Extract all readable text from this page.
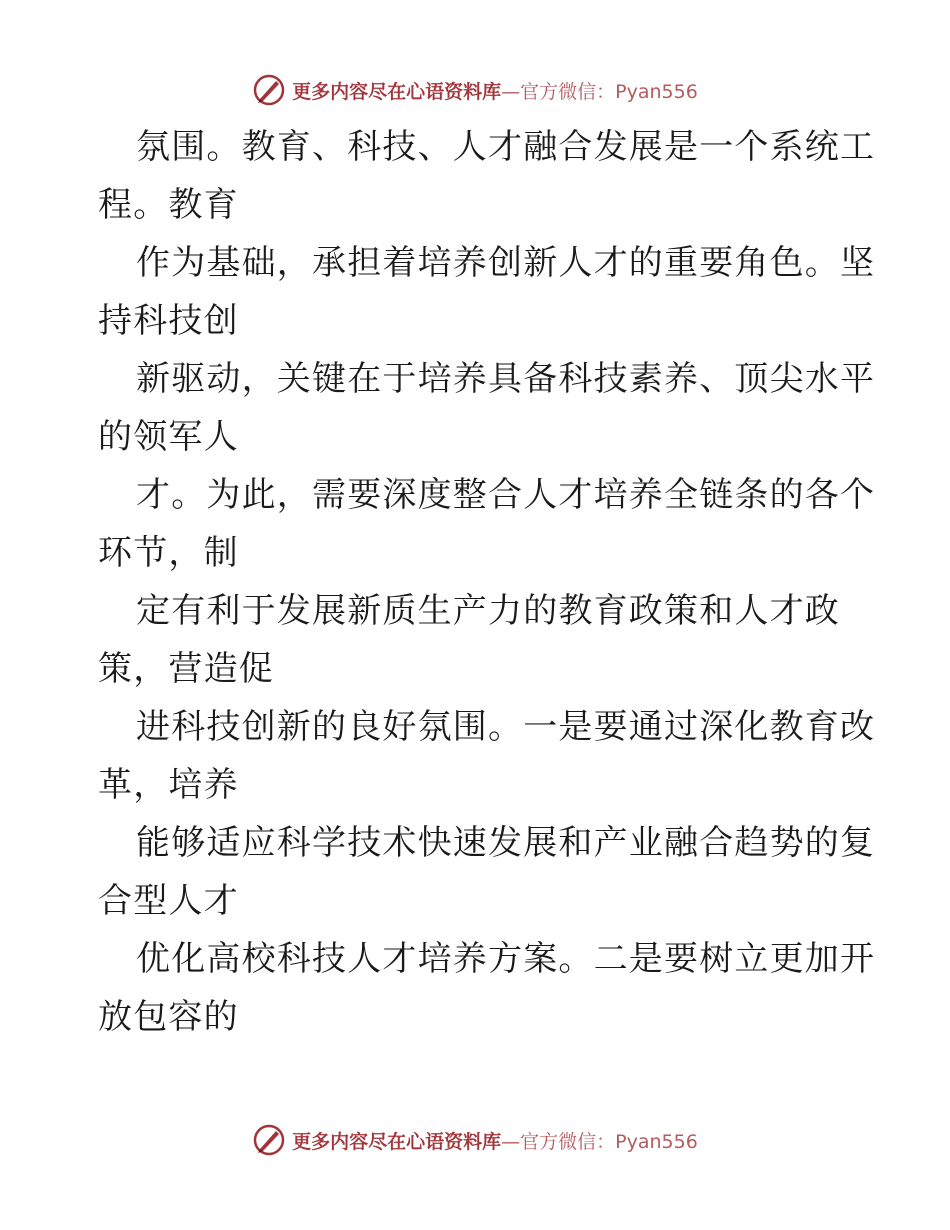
更多内容尽在心语资料库 —官方微信：Pyan556

氛围。教育、科技、人才融合发展是一个系统工
程。教育

作为基础，承担着培养创新人才的重要角色。坚
持科技创

新驱动，关键在于培养具备科技素养、顶尖水平
的领军人

才。为此，需要深度整合人才培养全链条的各个
环节，制

定有利于发展新质生产力的教育政策和人才政
策，营造促

进科技创新的良好氛围。一是要通过深化教育改
革，培养

能够适应科学技术快速发展和产业融合趋势的复
合型人才

优化高校科技人才培养方案。二是要树立更加开
放包容的

更多内容尽在心语资料库 —官方微信：Pyan556
